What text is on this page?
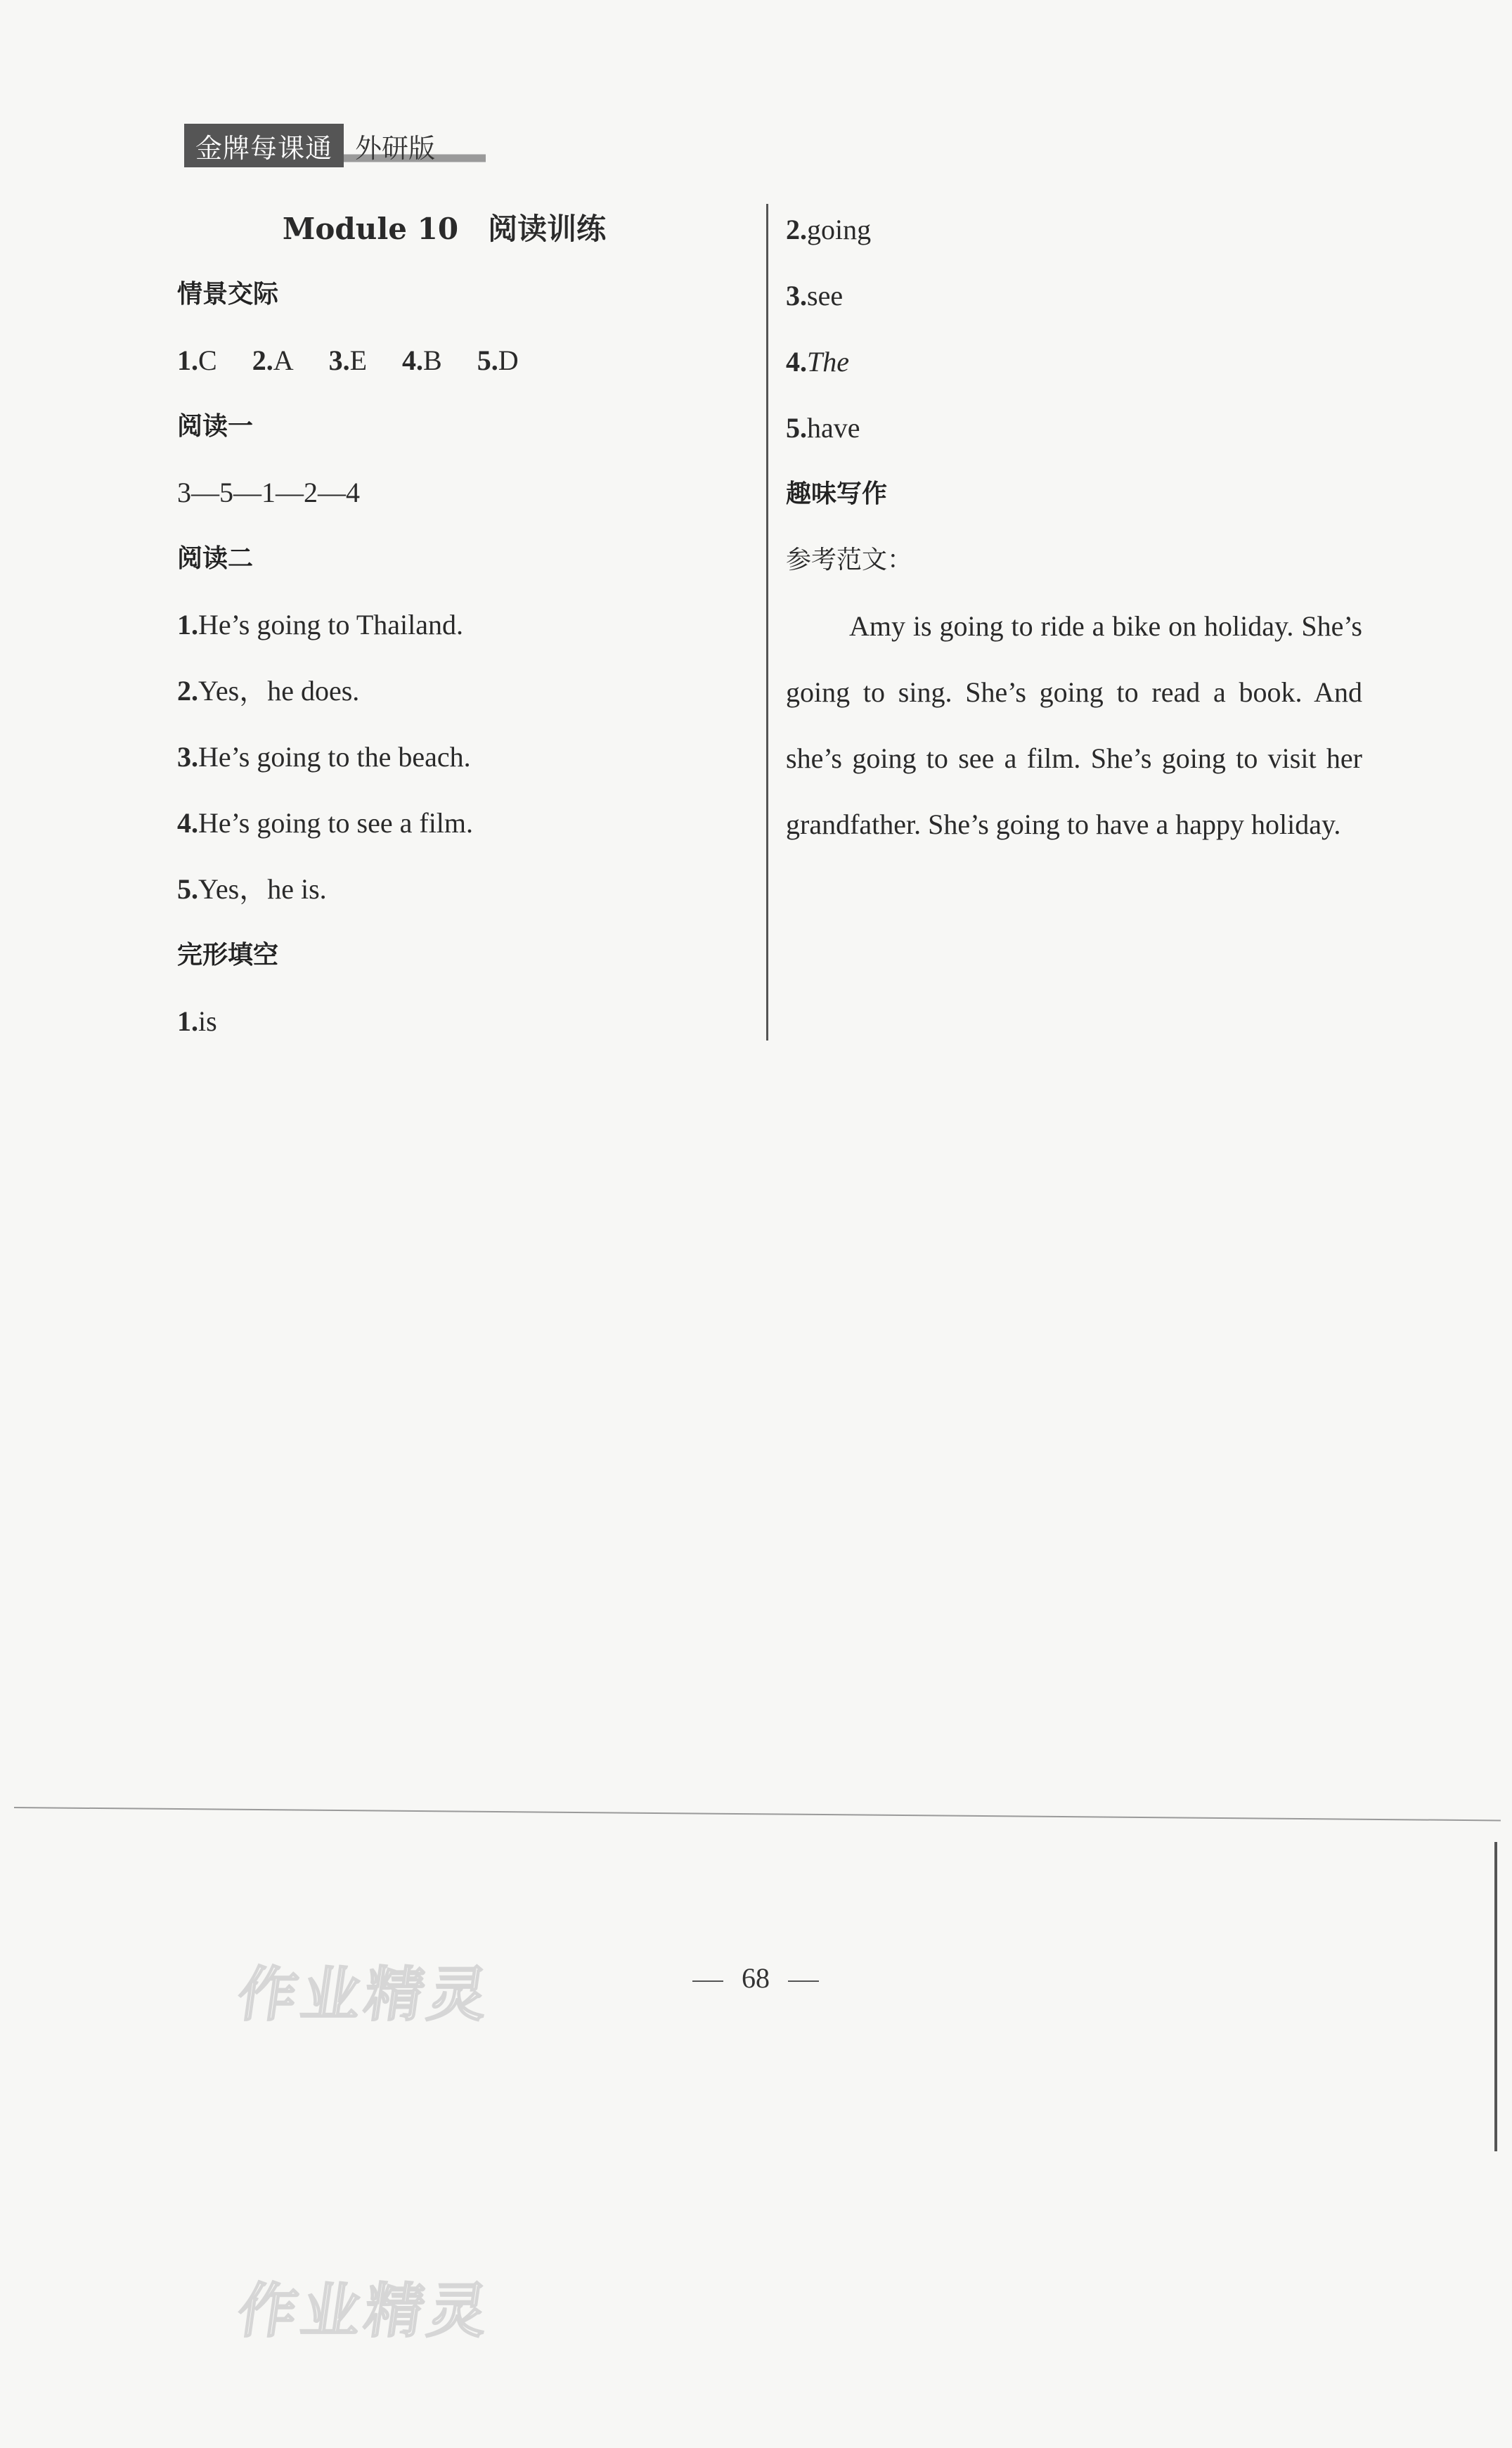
金牌每课通 外研版
Module 10　阅读训练
情景交际
1.C 2.A 3.E 4.B 5.D
阅读一
3—5—1—2—4
阅读二
1.He’s going to Thailand.
2.Yes，he does.
3.He’s going to the beach.
4.He’s going to see a film.
5.Yes，he is.
完形填空
1.is
2.going
3.see
4.The
5.have
趣味写作
参考范文：
Amy is going to ride a bike on holiday. She’s going to sing. She’s going to read a book. And she’s going to see a film. She’s going to visit her grandfather. She’s going to have a happy holiday.
68
作业精灵
作业精灵
